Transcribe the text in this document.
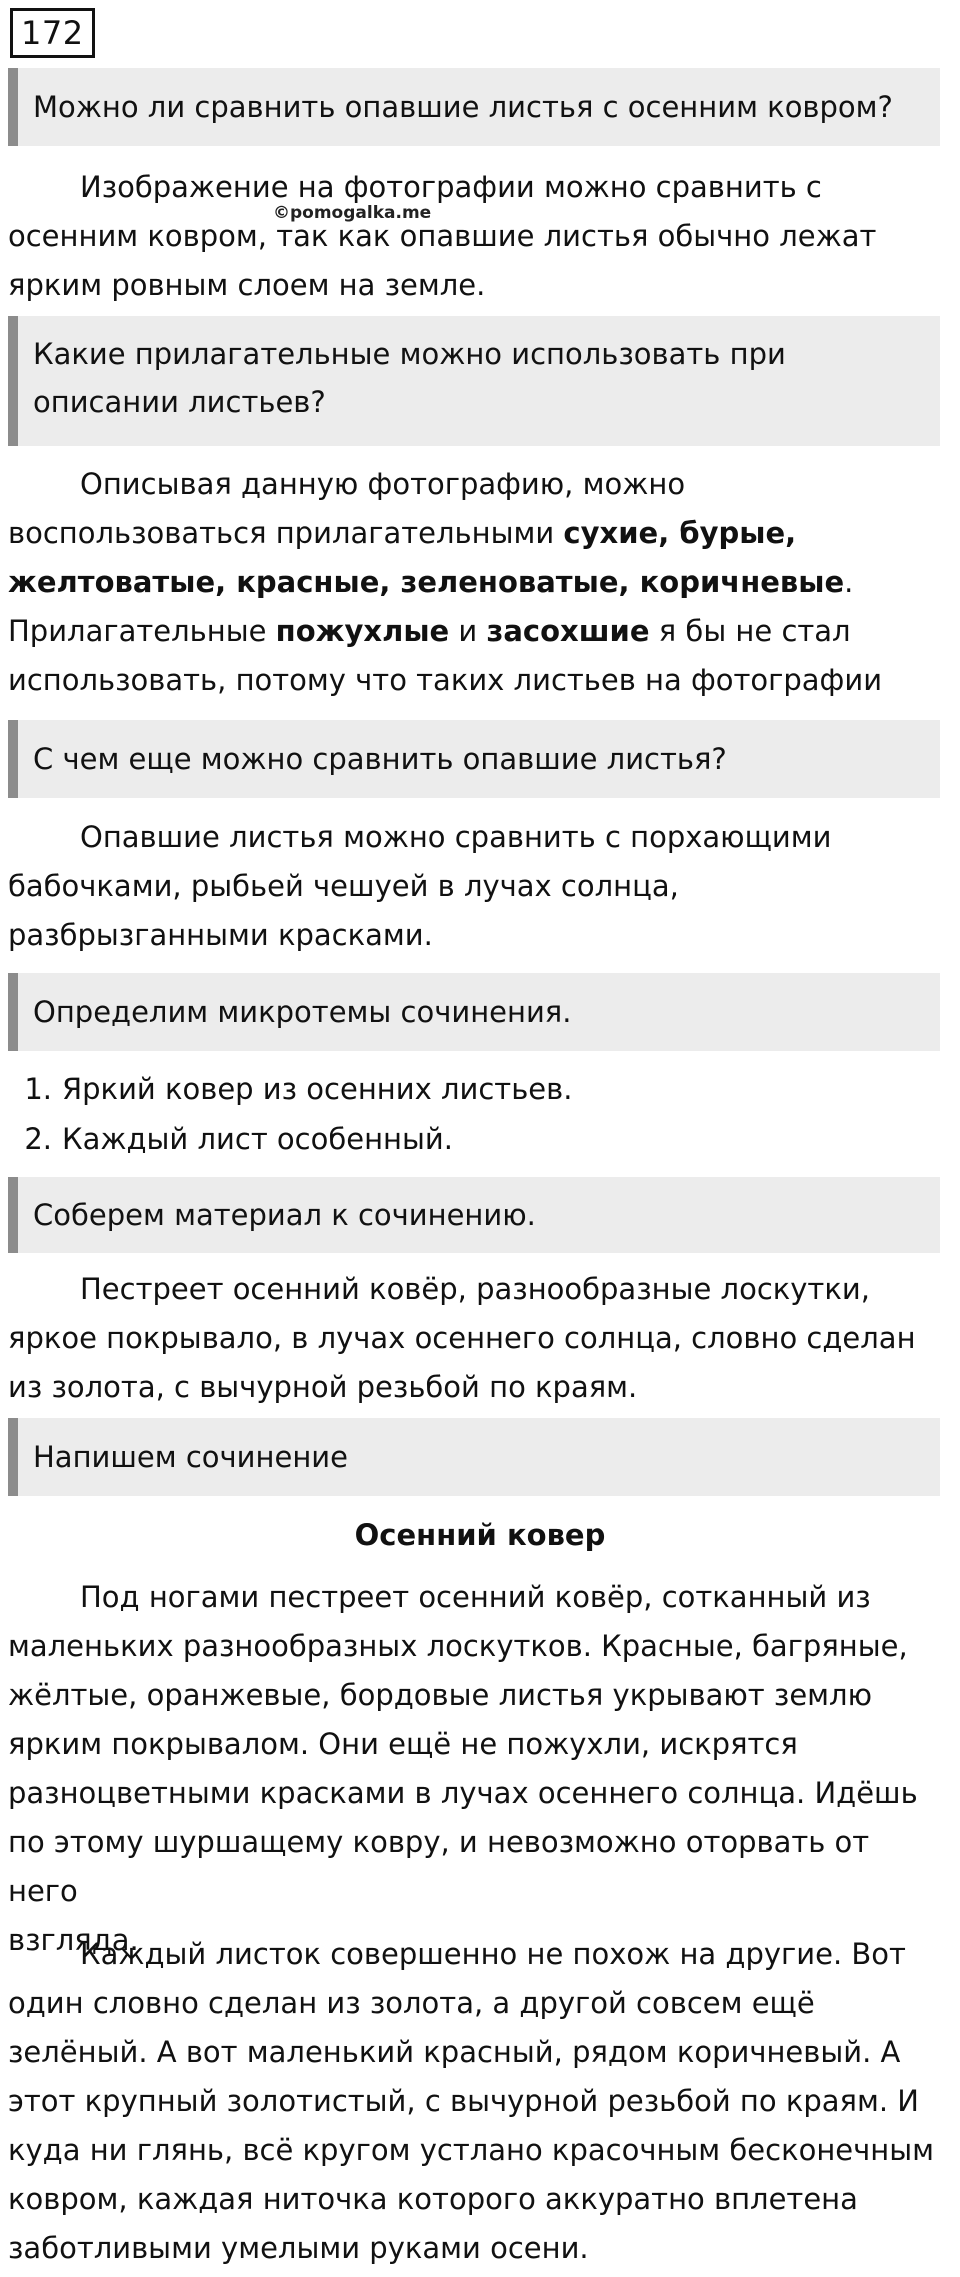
172
Можно ли сравнить опавшие листья с осенним ковром?
Изображение на фотографии можно сравнить с
осенним ковром, так как опавшие листья обычно лежат
ярким ровным слоем на земле.
©pomogalka.me
Какие прилагательные можно использовать при
описании листьев?
Описывая данную фотографию, можно
воспользоваться прилагательными сухие, бурые,
желтоватые, красные, зеленоватые, коричневые.
Прилагательные пожухлые и засохшие я бы не стал
использовать, потому что таких листьев на фотографии
С чем еще можно сравнить опавшие листья?
Опавшие листья можно сравнить с порхающими
бабочками, рыбьей чешуей в лучах солнца,
разбрызганными красками.
Определим микротемы сочинения.
1. Яркий ковер из осенних листьев.
2. Каждый лист особенный.
Соберем материал к сочинению.
Пестреет осенний ковёр, разнообразные лоскутки,
яркое покрывало, в лучах осеннего солнца, словно сделан
из золота, с вычурной резьбой по краям.
Напишем сочинение
Осенний ковер
Под ногами пестреет осенний ковёр, сотканный из
маленьких разнообразных лоскутков. Красные, багряные,
жёлтые, оранжевые, бордовые листья укрывают землю
ярким покрывалом. Они ещё не пожухли, искрятся
разноцветными красками в лучах осеннего солнца. Идёшь
по этому шуршащему ковру, и невозможно оторвать от него
взгляда.
Каждый листок совершенно не похож на другие. Вот
один словно сделан из золота, а другой совсем ещё
зелёный. А вот маленький красный, рядом коричневый. А
этот крупный золотистый, с вычурной резьбой по краям. И
куда ни глянь, всё кругом устлано красочным бесконечным
ковром, каждая ниточка которого аккуратно вплетена
заботливыми умелыми руками осени.
